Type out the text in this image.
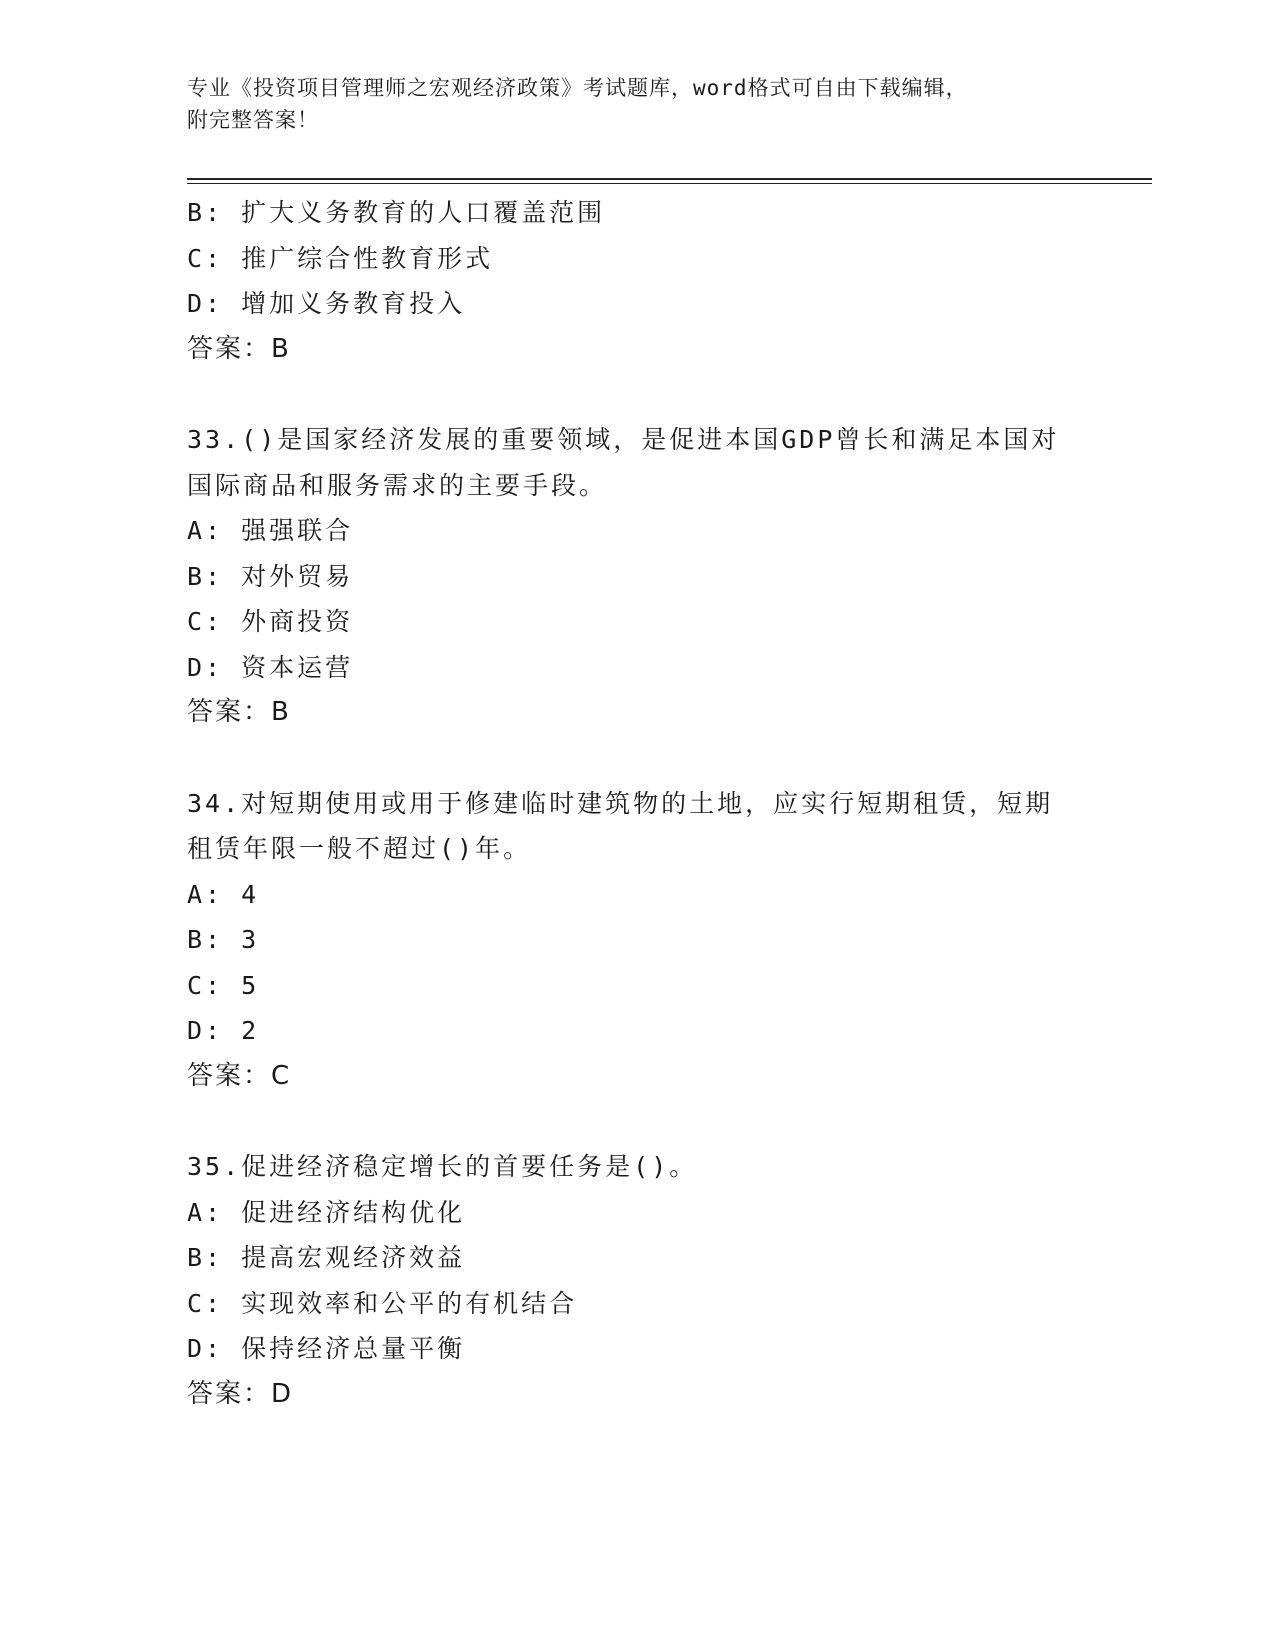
专业《投资项目管理师之宏观经济政策》考试题库，word格式可自由下载编辑，
附完整答案！
B: 扩大义务教育的人口覆盖范围
C: 推广综合性教育形式
D: 增加义务教育投入
答案：B
33.()是国家经济发展的重要领域，是促进本国GDP曾长和满足本国对
国际商品和服务需求的主要手段。
A: 强强联合
B: 对外贸易
C: 外商投资
D: 资本运营
答案：B
34.对短期使用或用于修建临时建筑物的土地，应实行短期租赁，短期
租赁年限一般不超过()年。
A: 4
B: 3
C: 5
D: 2
答案：C
35.促进经济稳定增长的首要任务是()。
A: 促进经济结构优化
B: 提高宏观经济效益
C: 实现效率和公平的有机结合
D: 保持经济总量平衡
答案：D
